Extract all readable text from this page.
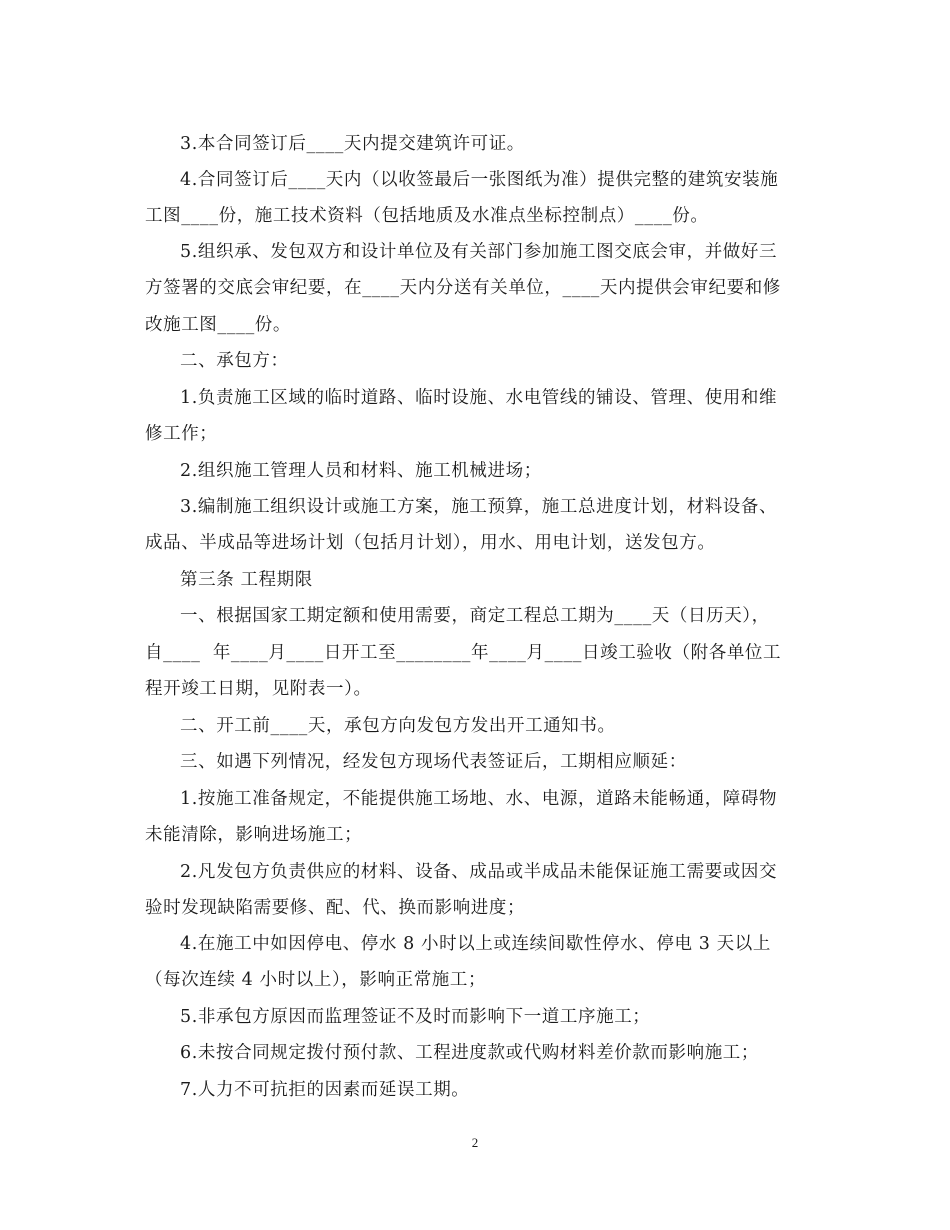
3.本合同签订后____天内提交建筑许可证。
4.合同签订后____天内（以收签最后一张图纸为准）提供完整的建筑安装施
工图____份，施工技术资料（包括地质及水准点坐标控制点）____份。
5.组织承、发包双方和设计单位及有关部门参加施工图交底会审，并做好三
方签署的交底会审纪要，在____天内分送有关单位，____天内提供会审纪要和修
改施工图____份。
二、承包方：
1.负责施工区域的临时道路、临时设施、水电管线的铺设、管理、使用和维
修工作；
2.组织施工管理人员和材料、施工机械进场；
3.编制施工组织设计或施工方案，施工预算，施工总进度计划，材料设备、
成品、半成品等进场计划（包括月计划），用水、用电计划，送发包方。
第三条 工程期限
一、根据国家工期定额和使用需要，商定工程总工期为____天（日历天），
自____  年____月____日开工至________年____月____日竣工验收（附各单位工
程开竣工日期，见附表一）。
二、开工前____天，承包方向发包方发出开工通知书。
三、如遇下列情况，经发包方现场代表签证后，工期相应顺延：
1.按施工准备规定，不能提供施工场地、水、电源，道路未能畅通，障碍物
未能清除，影响进场施工；
2.凡发包方负责供应的材料、设备、成品或半成品未能保证施工需要或因交
验时发现缺陷需要修、配、代、换而影响进度；
4.在施工中如因停电、停水 8 小时以上或连续间歇性停水、停电 3 天以上
（每次连续 4 小时以上），影响正常施工；
5.非承包方原因而监理签证不及时而影响下一道工序施工；
6.未按合同规定拨付预付款、工程进度款或代购材料差价款而影响施工；
7.人力不可抗拒的因素而延误工期。
2
